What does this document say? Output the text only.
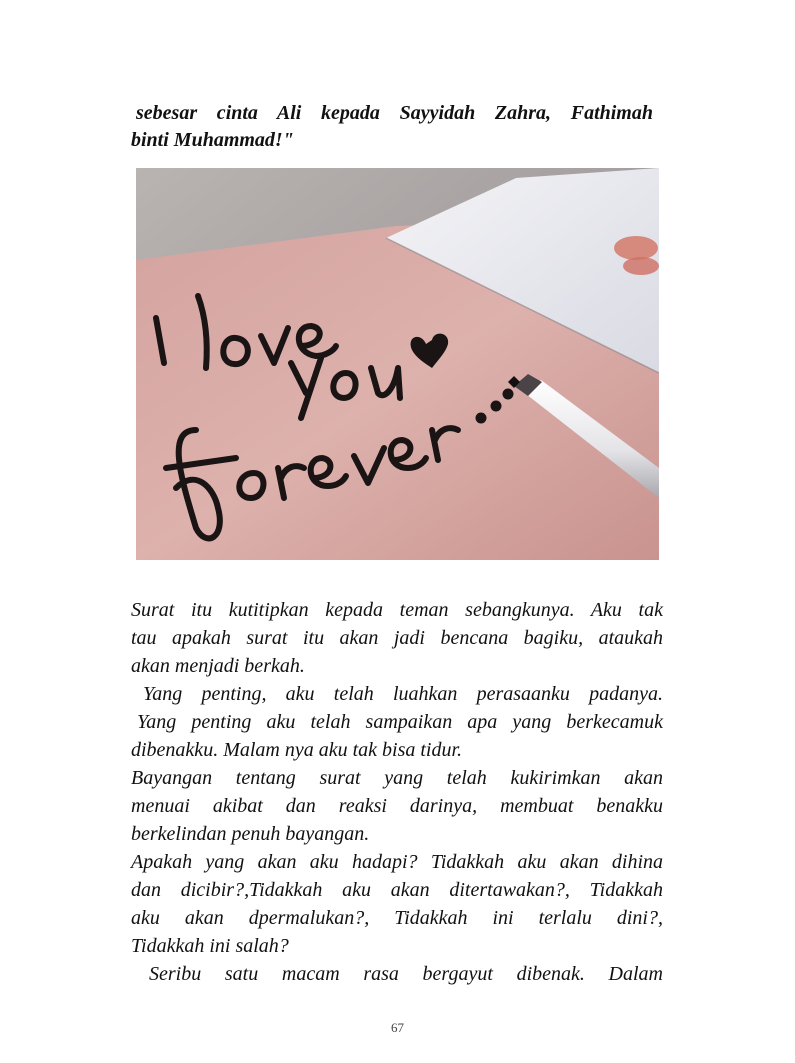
sebesar cinta Ali kepada Sayyidah Zahra, Fathimah
binti Muhammad!"
Surat itu kutitipkan kepada teman sebangkunya. Aku tak
tau apakah surat itu akan jadi bencana bagiku, ataukah
akan menjadi berkah.
Yang penting, aku telah luahkan perasaanku padanya.
Yang penting aku telah sampaikan apa yang berkecamuk
dibenakku. Malam nya aku tak bisa tidur.
Bayangan tentang surat yang telah kukirimkan akan
menuai akibat dan reaksi darinya, membuat benakku
berkelindan penuh bayangan.
Apakah yang akan aku hadapi? Tidakkah aku akan dihina
dan dicibir?,Tidakkah aku akan ditertawakan?, Tidakkah
aku akan dpermalukan?, Tidakkah ini terlalu dini?,
Tidakkah ini salah?
Seribu satu macam rasa bergayut dibenak. Dalam
67
